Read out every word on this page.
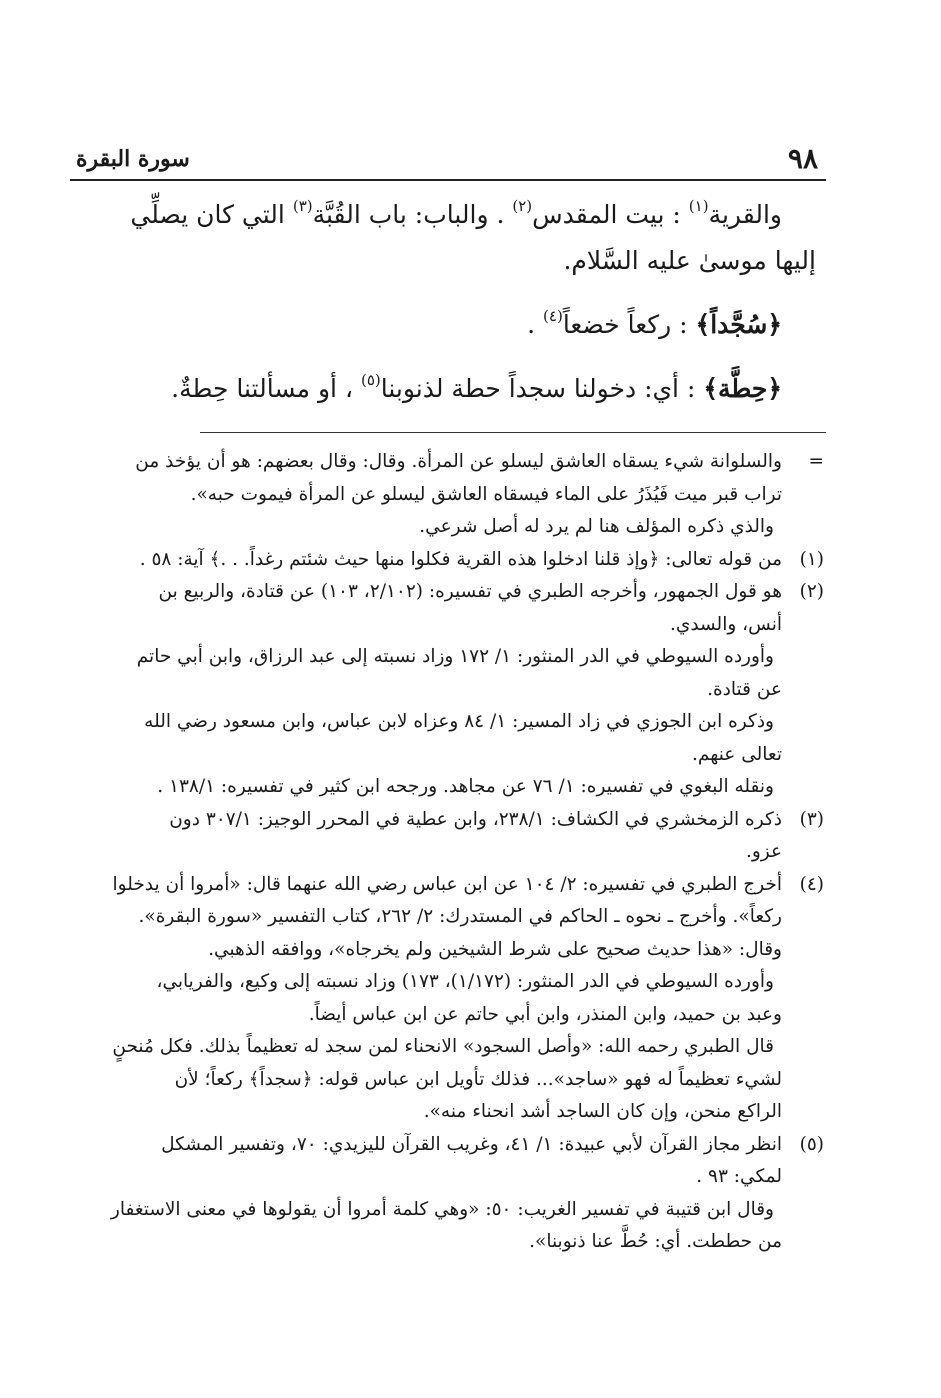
٩٨
سورة البقرة

والقرية$^{(١)}$ : بيت المقدس$^{(٢)}$ . والباب: باب القُبَّة$^{(٣)}$ التي كان يصلِّي

إليها موسىٰ عليه السَّلام.

﴿سُجَّداً﴾ : ركعاً خضعاً$^{(٤)}$ .

﴿حِطَّة﴾ : أي: دخولنا سجداً حطة لذنوبنا$^{(٥)}$ ، أو مسألتنا حِطةٌ.

=
والسلوانة شيء يسقاه العاشق ليسلو عن المرأة. وقال: وقال بعضهم: هو أن يؤخذ من
تراب قبر ميت فَيُذَرُ على الماء فيسقاه العاشق ليسلو عن المرأة فيموت حبه».
والذي ذكره المؤلف هنا لم يرد له أصل شرعي.
(١)
من قوله تعالى: ﴿وإذ قلنا ادخلوا هذه القرية فكلوا منها حيث شئتم رغداً. . .﴾ آية: ٥٨ .
(٢)
هو قول الجمهور، وأخرجه الطبري في تفسيره: (٢/١٠٢، ١٠٣) عن قتادة، والربيع بن
أنس، والسدي.
وأورده السيوطي في الدر المنثور: ١/ ١٧٢ وزاد نسبته إلى عبد الرزاق، وابن أبي حاتم
عن قتادة.
وذكره ابن الجوزي في زاد المسير: ١/ ٨٤ وعزاه لابن عباس، وابن مسعود رضي الله
تعالى عنهم.
ونقله البغوي في تفسيره: ١/ ٧٦ عن مجاهد. ورجحه ابن كثير في تفسيره: ١٣٨/١ .
(٣)
ذكره الزمخشري في الكشاف: ٢٣٨/١، وابن عطية في المحرر الوجيز: ٣٠٧/١ دون
عزو.
(٤)
أخرج الطبري في تفسيره: ٢/ ١٠٤ عن ابن عباس رضي الله عنهما قال: «أمروا أن يدخلوا
ركعاً». وأخرج ـ نحوه ـ الحاكم في المستدرك: ٢/ ٢٦٢، كتاب التفسير «سورة البقرة».
وقال: «هذا حديث صحيح على شرط الشيخين ولم يخرجاه»، ووافقه الذهبي.
وأورده السيوطي في الدر المنثور: (١/١٧٢)، ١٧٣) وزاد نسبته إلى وكيع، والفريابي،
وعبد بن حميد، وابن المنذر، وابن أبي حاتم عن ابن عباس أيضاً.
قال الطبري رحمه الله: «وأصل السجود» الانحناء لمن سجد له تعظيماً بذلك. فكل مُنحنٍ
لشيء تعظيماً له فهو «ساجد»... فذلك تأويل ابن عباس قوله: ﴿سجداً﴾ ركعاً؛ لأن
الراكع منحن، وإن كان الساجد أشد انحناء منه».
(٥)
انظر مجاز القرآن لأبي عبيدة: ١/ ٤١، وغريب القرآن لليزيدي: ٧٠، وتفسير المشكل
لمكي: ٩٣ .
وقال ابن قتيبة في تفسير الغريب: ٥٠: «وهي كلمة أمروا أن يقولوها في معنى الاستغفار
من حططت. أي: حُطَّ عنا ذنوبنا».
